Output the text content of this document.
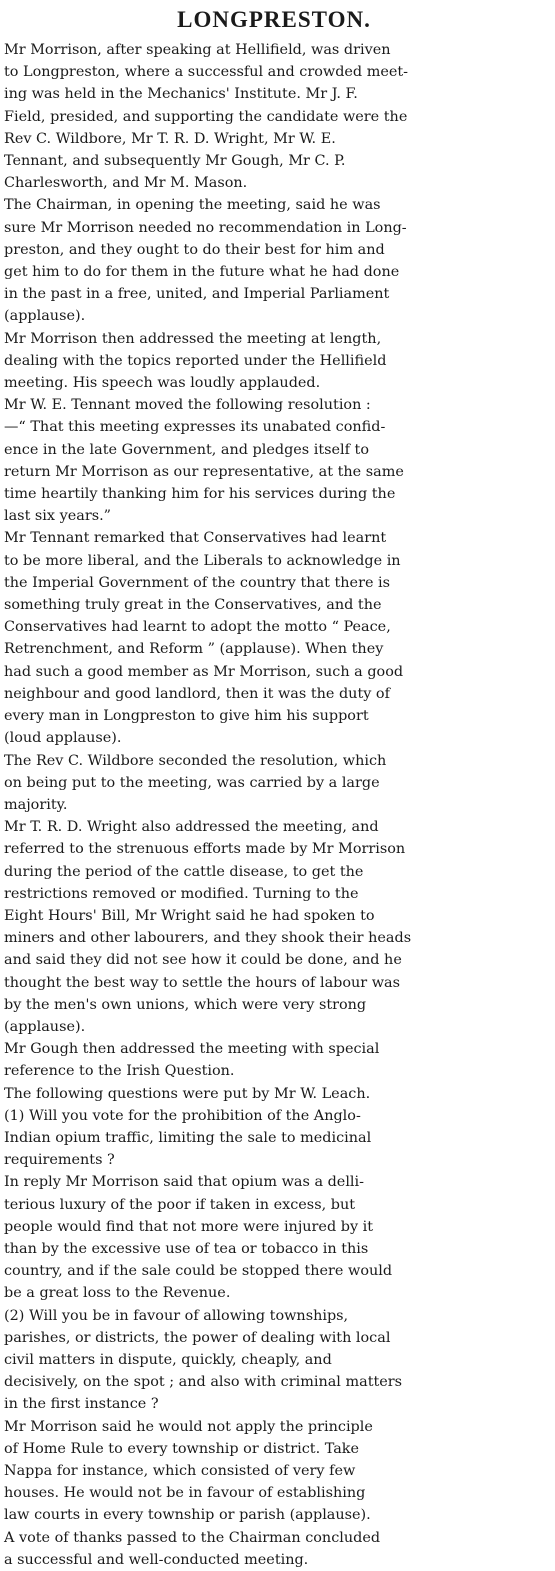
LONGPRESTON.

Mr Morrison, after speaking at Hellifield, was driven
to Longpreston, where a successful and crowded meet-
ing was held in the Mechanics' Institute. Mr J. F.
Field, presided, and supporting the candidate were the
Rev C. Wildbore, Mr T. R. D. Wright, Mr W. E.
Tennant, and subsequently Mr Gough, Mr C. P.
Charlesworth, and Mr M. Mason.

The Chairman, in opening the meeting, said he was
sure Mr Morrison needed no recommendation in Long-
preston, and they ought to do their best for him and
get him to do for them in the future what he had done
in the past in a free, united, and Imperial Parliament
(applause).

Mr Morrison then addressed the meeting at length,
dealing with the topics reported under the Hellifield
meeting. His speech was loudly applauded.

Mr W. E. Tennant moved the following resolution :
—“ That this meeting expresses its unabated confid-
ence in the late Government, and pledges itself to
return Mr Morrison as our representative, at the same
time heartily thanking him for his services during the
last six years.”

Mr Tennant remarked that Conservatives had learnt
to be more liberal, and the Liberals to acknowledge in
the Imperial Government of the country that there is
something truly great in the Conservatives, and the
Conservatives had learnt to adopt the motto “ Peace,
Retrenchment, and Reform ” (applause). When they
had such a good member as Mr Morrison, such a good
neighbour and good landlord, then it was the duty of
every man in Longpreston to give him his support
(loud applause).

The Rev C. Wildbore seconded the resolution, which
on being put to the meeting, was carried by a large
majority.

Mr T. R. D. Wright also addressed the meeting, and
referred to the strenuous efforts made by Mr Morrison
during the period of the cattle disease, to get the
restrictions removed or modified. Turning to the
Eight Hours' Bill, Mr Wright said he had spoken to
miners and other labourers, and they shook their heads
and said they did not see how it could be done, and he
thought the best way to settle the hours of labour was
by the men's own unions, which were very strong
(applause).

Mr Gough then addressed the meeting with special
reference to the Irish Question.

The following questions were put by Mr W. Leach.
(1) Will you vote for the prohibition of the Anglo-
Indian opium traffic, limiting the sale to medicinal
requirements ?

In reply Mr Morrison said that opium was a delli-
terious luxury of the poor if taken in excess, but
people would find that not more were injured by it
than by the excessive use of tea or tobacco in this
country, and if the sale could be stopped there would
be a great loss to the Revenue.

(2) Will you be in favour of allowing townships,
parishes, or districts, the power of dealing with local
civil matters in dispute, quickly, cheaply, and
decisively, on the spot ; and also with criminal matters
in the first instance ?

Mr Morrison said he would not apply the principle
of Home Rule to every township or district. Take
Nappa for instance, which consisted of very few
houses. He would not be in favour of establishing
law courts in every township or parish (applause).

A vote of thanks passed to the Chairman concluded
a successful and well-conducted meeting.
